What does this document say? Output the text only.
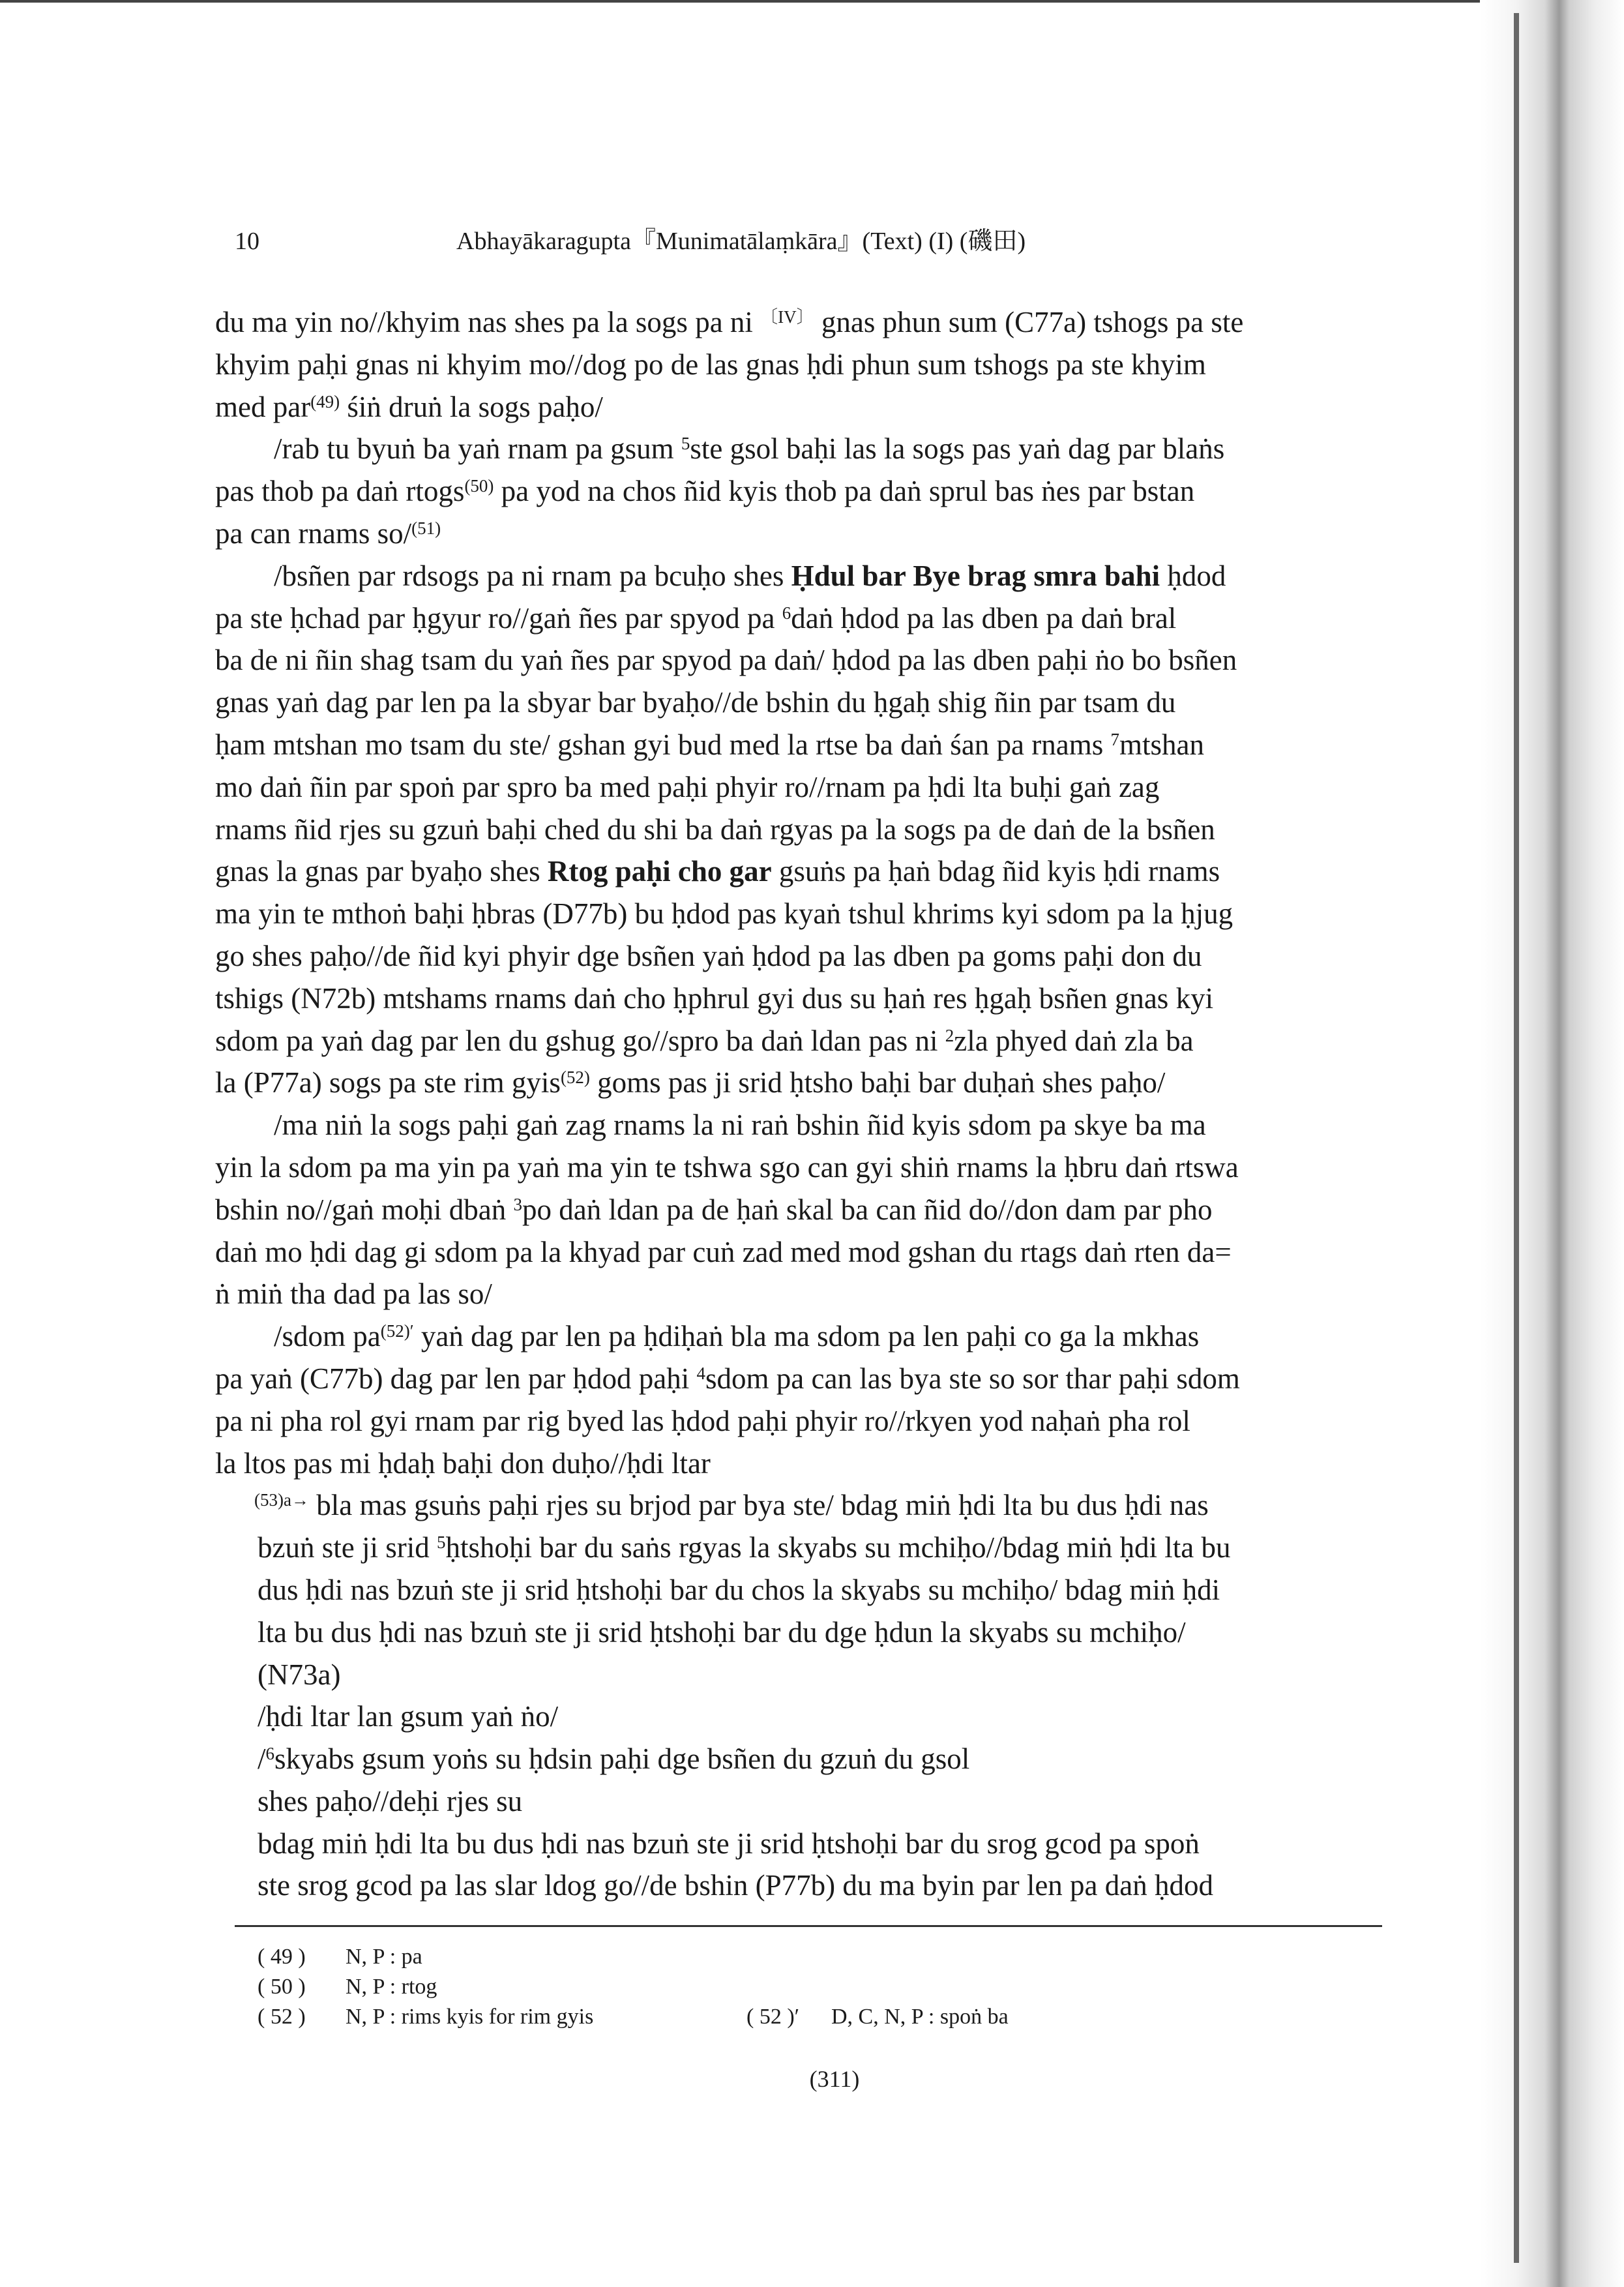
10	Abhayākaragupta『Munimatālaṃkāra』(Text) (I) (磯田)
du ma yin no//khyim nas shes pa la sogs pa ni $^{〔IV〕}$ gnas phun sum (C77a) tshogs pa ste
khyim paḥi gnas ni khyim mo//dog po de las gnas ḥdi phun sum tshogs pa ste khyim
med par$^{(49)}$ śiṅ druṅ la sogs paḥo/
/rab tu byuṅ ba yaṅ rnam pa gsum $^5$ste gsol baḥi las la sogs pas yaṅ dag par blaṅs
pas thob pa daṅ rtogs$^{(50)}$ pa yod na chos ñid kyis thob pa daṅ sprul bas ṅes par bstan
pa can rnams so/$^{(51)}$
/bsñen par rdsogs pa ni rnam pa bcuḥo shes Ḥdul bar Bye brag smra bahi ḥdod
pa ste ḥchad par ḥgyur ro//gaṅ ñes par spyod pa $^6$daṅ ḥdod pa las dben pa daṅ bral
ba de ni ñin shag tsam du yaṅ ñes par spyod pa daṅ/ ḥdod pa las dben paḥi ṅo bo bsñen
gnas yaṅ dag par len pa la sbyar bar byaḥo//de bshin du ḥgaḥ shig ñin par tsam du
ḥam mtshan mo tsam du ste/ gshan gyi bud med la rtse ba daṅ śan pa rnams $^7$mtshan
mo daṅ ñin par spoṅ par spro ba med paḥi phyir ro//rnam pa ḥdi lta buḥi gaṅ zag
rnams ñid rjes su gzuṅ baḥi ched du shi ba daṅ rgyas pa la sogs pa de daṅ de la bsñen
gnas la gnas par byaḥo shes Rtog paḥi cho gar gsuṅs pa ḥaṅ bdag ñid kyis ḥdi rnams
ma yin te mthoṅ baḥi ḥbras (D77b) bu ḥdod pas kyaṅ tshul khrims kyi sdom pa la ḥjug
go shes paḥo//de ñid kyi phyir dge bsñen yaṅ ḥdod pa las dben pa goms paḥi don du
tshigs (N72b) mtshams rnams daṅ cho ḥphrul gyi dus su ḥaṅ res ḥgaḥ bsñen gnas kyi
sdom pa yaṅ dag par len du gshug go//spro ba daṅ ldan pas ni $^2$zla phyed daṅ zla ba
la (P77a) sogs pa ste rim gyis$^{(52)}$ goms pas ji srid ḥtsho baḥi bar duḥaṅ shes paḥo/
/ma niṅ la sogs paḥi gaṅ zag rnams la ni raṅ bshin ñid kyis sdom pa skye ba ma
yin la sdom pa ma yin pa yaṅ ma yin te tshwa sgo can gyi shiṅ rnams la ḥbru daṅ rtswa
bshin no//gaṅ moḥi dbaṅ $^3$po daṅ ldan pa de ḥaṅ skal ba can ñid do//don dam par pho
daṅ mo ḥdi dag gi sdom pa la khyad par cuṅ zad med mod gshan du rtags daṅ rten da=
ṅ miṅ tha dad pa las so/
/sdom $pa^{(52)'}$ yaṅ dag par len pa ḥdiḥaṅ bla ma sdom pa len paḥi co ga la mkhas
pa yaṅ (C77b) dag par len par ḥdod paḥi $^4$sdom pa can las bya ste so sor thar paḥi sdom
pa ni pha rol gyi rnam par rig byed las ḥdod paḥi phyir ro//rkyen yod naḥaṅ pha rol
la ltos pas mi ḥdaḥ baḥi don duḥo//ḥdi ltar
$^{(53)a\to}$ bla mas gsuṅs paḥi rjes su brjod par bya ste/ bdag miṅ ḥdi lta bu dus ḥdi nas
bzuṅ ste ji srid $^5$ḥtshoḥi bar du saṅs rgyas la skyabs su mchiḥo//bdag miṅ ḥdi lta bu
dus ḥdi nas bzuṅ ste ji srid ḥtshoḥi bar du chos la skyabs su mchiḥo/ bdag miṅ ḥdi
lta bu dus ḥdi nas bzuṅ ste ji srid ḥtshoḥi bar du dge ḥdun la skyabs su mchiḥo/
(N73a)
/ḥdi ltar lan gsum yaṅ ṅo/
/$^6$skyabs gsum yoṅs su ḥdsin paḥi dge bsñen du gzuṅ du gsol
shes paḥo//deḥi rjes su
bdag miṅ ḥdi lta bu dus ḥdi nas bzuṅ ste ji srid ḥtshoḥi bar du srog gcod pa spoṅ
ste srog gcod pa las slar ldog go//de bshin (P77b) du ma byin par len pa daṅ ḥdod
( 49 ) N, P : pa
( 50 ) N, P : rtog
( 52 ) N, P : rims kyis for rim gyis	( 52 )′ D, C, N, P : spoṅ ba
(311)
